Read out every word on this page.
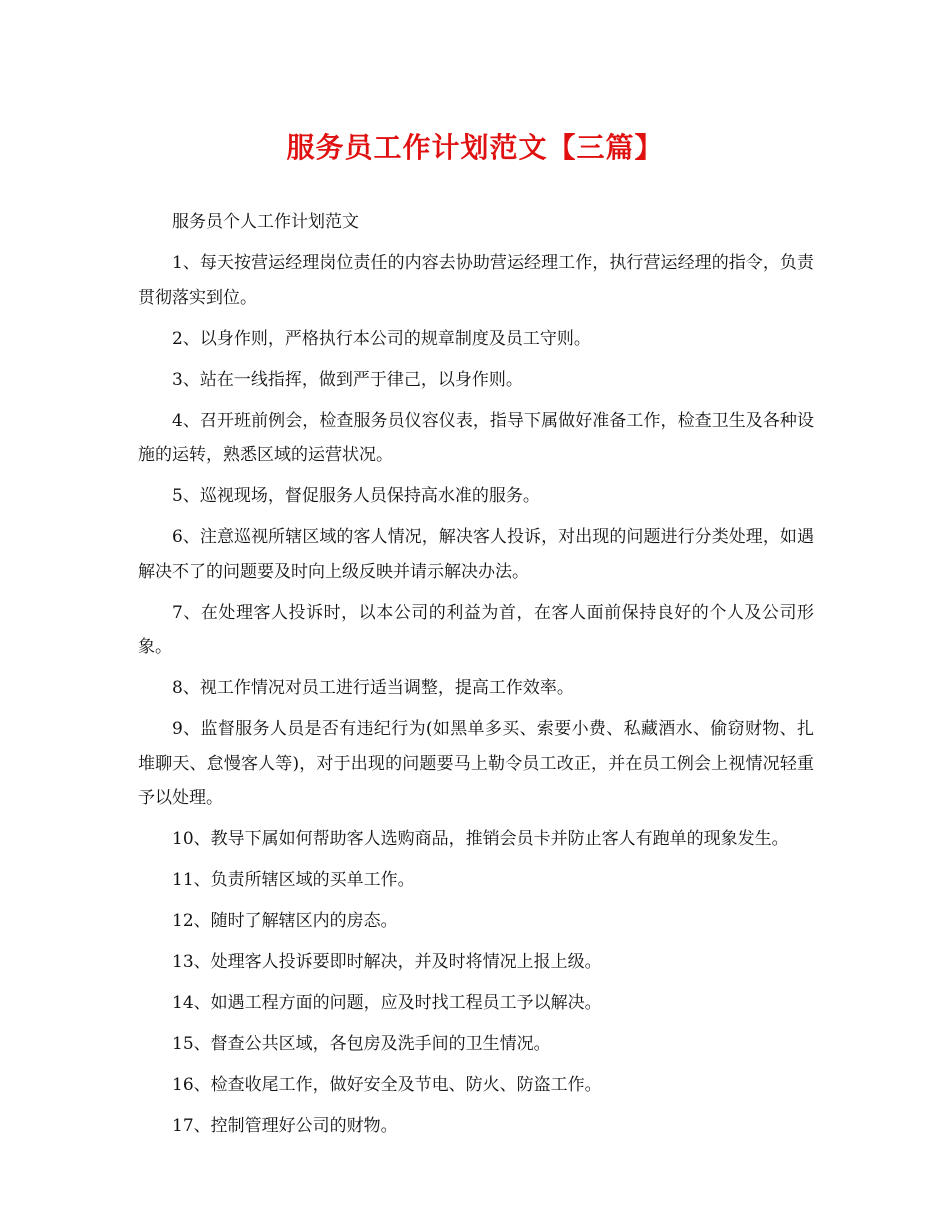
服务员工作计划范文【三篇】

服务员个人工作计划范文

1、每天按营运经理岗位责任的内容去协助营运经理工作，执行营运经理的指令，负责贯彻落实到位。

2、以身作则，严格执行本公司的规章制度及员工守则。

3、站在一线指挥，做到严于律己，以身作则。

4、召开班前例会，检查服务员仪容仪表，指导下属做好准备工作，检查卫生及各种设施的运转，熟悉区域的运营状况。

5、巡视现场，督促服务人员保持高水准的服务。

6、注意巡视所辖区域的客人情况，解决客人投诉，对出现的问题进行分类处理，如遇解决不了的问题要及时向上级反映并请示解决办法。

7、在处理客人投诉时，以本公司的利益为首，在客人面前保持良好的个人及公司形象。

8、视工作情况对员工进行适当调整，提高工作效率。

9、监督服务人员是否有违纪行为(如黑单多买、索要小费、私藏酒水、偷窃财物、扎堆聊天、怠慢客人等)，对于出现的问题要马上勒令员工改正，并在员工例会上视情况轻重予以处理。

10、教导下属如何帮助客人选购商品，推销会员卡并防止客人有跑单的现象发生。

11、负责所辖区域的买单工作。

12、随时了解辖区内的房态。

13、处理客人投诉要即时解决，并及时将情况上报上级。

14、如遇工程方面的问题，应及时找工程员工予以解决。

15、督查公共区域，各包房及洗手间的卫生情况。

16、检查收尾工作，做好安全及节电、防火、防盗工作。

17、控制管理好公司的财物。
